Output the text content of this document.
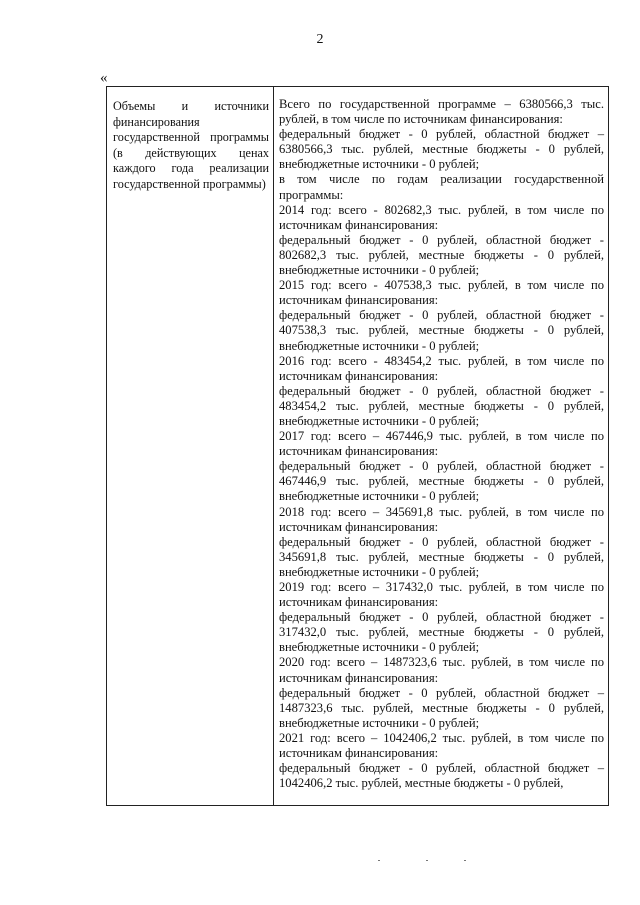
2
«
Объемы и источники финансирования государственной программы (в действующих ценах каждого года реализации государственной программы)
Всего по государственной программе – 6380566,3 тыс. рублей, в том числе по источникам финансирования:
федеральный бюджет - 0 рублей, областной бюджет – 6380566,3 тыс. рублей, местные бюджеты - 0 рублей, внебюджетные источники - 0 рублей;
в том числе по годам реализации государственной программы:
2014 год: всего - 802682,3 тыс. рублей, в том числе по источникам финансирования:
федеральный бюджет - 0 рублей, областной бюджет - 802682,3 тыс. рублей, местные бюджеты - 0 рублей, внебюджетные источники - 0 рублей;
2015 год: всего - 407538,3 тыс. рублей, в том числе по источникам финансирования:
федеральный бюджет - 0 рублей, областной бюджет - 407538,3 тыс. рублей, местные бюджеты - 0 рублей, внебюджетные источники - 0 рублей;
2016 год: всего - 483454,2 тыс. рублей, в том числе по источникам финансирования:
федеральный бюджет - 0 рублей, областной бюджет - 483454,2 тыс. рублей, местные бюджеты - 0 рублей, внебюджетные источники - 0 рублей;
2017 год: всего – 467446,9 тыс. рублей, в том числе по источникам финансирования:
федеральный бюджет - 0 рублей, областной бюджет - 467446,9 тыс. рублей, местные бюджеты - 0 рублей, внебюджетные источники - 0 рублей;
2018 год: всего – 345691,8 тыс. рублей, в том числе по источникам финансирования:
федеральный бюджет - 0 рублей, областной бюджет - 345691,8 тыс. рублей, местные бюджеты - 0 рублей, внебюджетные источники - 0 рублей;
2019 год: всего – 317432,0 тыс. рублей, в том числе по источникам финансирования:
федеральный бюджет - 0 рублей, областной бюджет - 317432,0 тыс. рублей, местные бюджеты - 0 рублей, внебюджетные источники - 0 рублей;
2020 год: всего – 1487323,6 тыс. рублей, в том числе по источникам финансирования:
федеральный бюджет - 0 рублей, областной бюджет – 1487323,6 тыс. рублей, местные бюджеты - 0 рублей, внебюджетные источники - 0 рублей;
2021 год: всего – 1042406,2 тыс. рублей, в том числе по источникам финансирования:
федеральный бюджет - 0 рублей, областной бюджет – 1042406,2 тыс. рублей, местные бюджеты - 0 рублей,
